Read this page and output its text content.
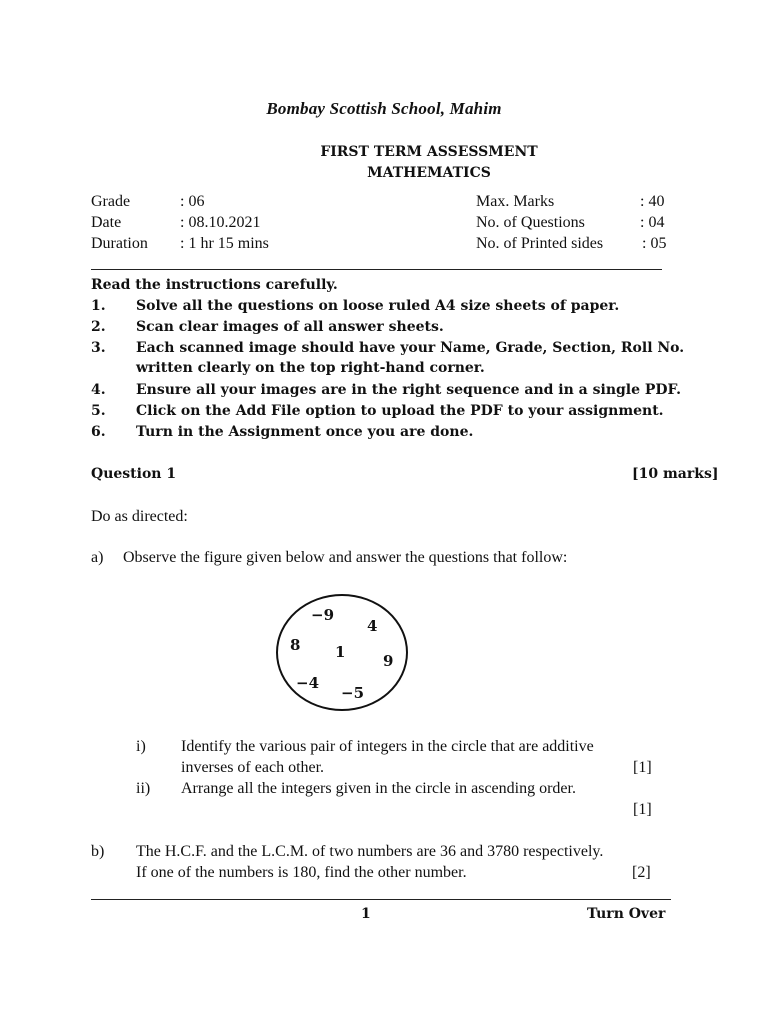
Bombay Scottish School, Mahim
FIRST TERM ASSESSMENT
MATHEMATICS
Grade	: 06
Date	: 08.10.2021
Duration : 1 hr 15 mins
Max. Marks	: 40
No. of Questions	: 04
No. of Printed sides : 05
Read the instructions carefully.
1. Solve all the questions on loose ruled A4 size sheets of paper.
2. Scan clear images of all answer sheets.
3. Each scanned image should have your Name, Grade, Section, Roll No.
written clearly on the top right-hand corner.
4. Ensure all your images are in the right sequence and in a single PDF.
5. Click on the Add File option to upload the PDF to your assignment.
6. Turn in the Assignment once you are done.
Question 1	[10 marks]
Do as directed:
a) Observe the figure given below and answer the questions that follow:
−9
4
8 1	9
−4
−5
i) Identify the various pair of integers in the circle that are additive
inverses of each other.	[1]
ii) Arrange all the integers given in the circle in ascending order.
[1]
b) The H.C.F. and the L.C.M. of two numbers are 36 and 3780 respectively.
If one of the numbers is 180, find the other number.	[2]
1	Turn Over
